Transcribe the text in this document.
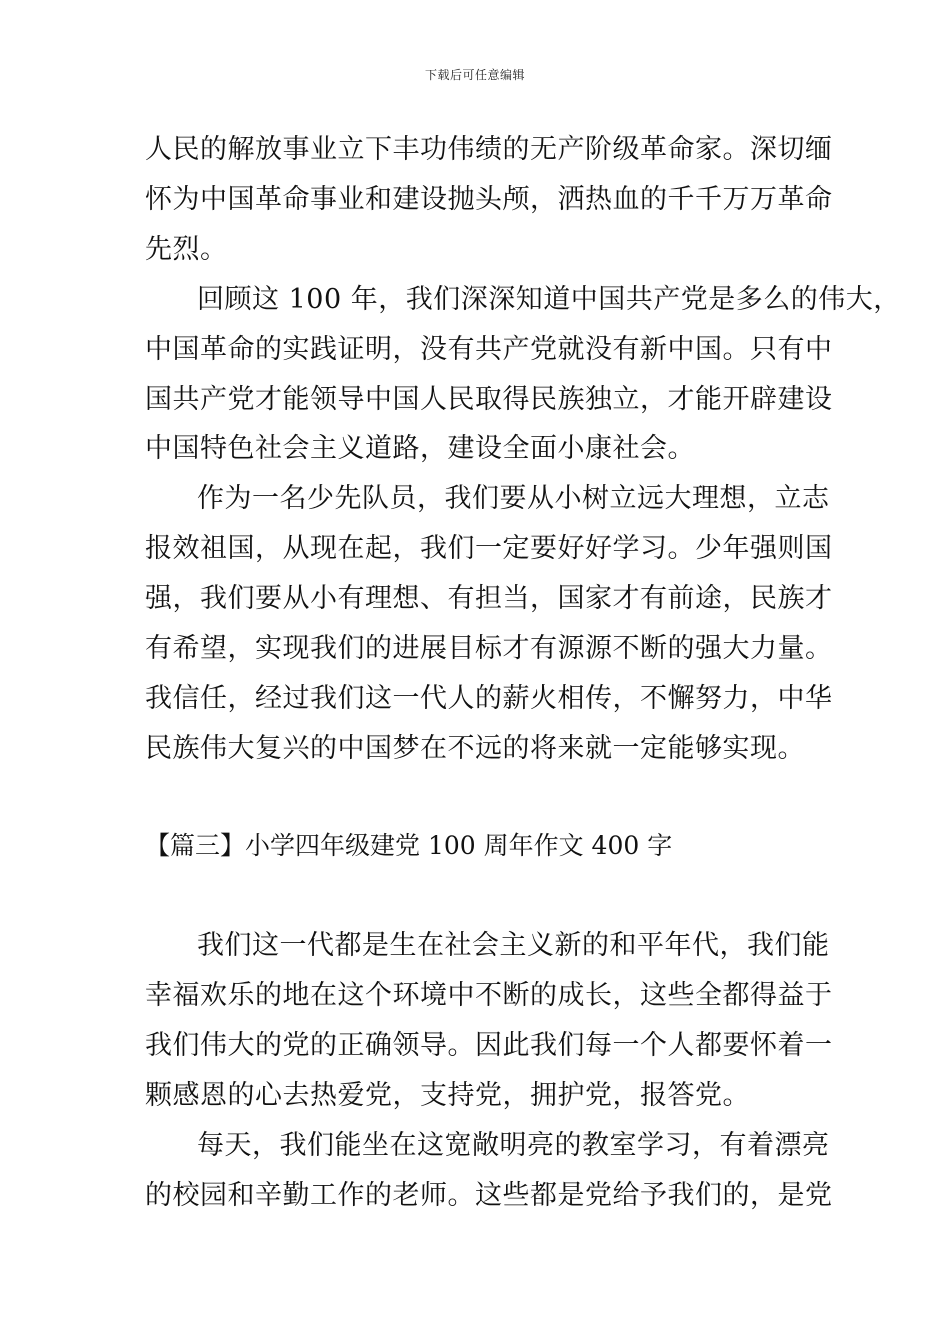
下载后可任意编辑
人民的解放事业立下丰功伟绩的无产阶级革命家。深切缅
怀为中国革命事业和建设抛头颅，洒热血的千千万万革命
先烈。
回顾这 100 年，我们深深知道中国共产党是多么的伟大，
中国革命的实践证明，没有共产党就没有新中国。只有中
国共产党才能领导中国人民取得民族独立，才能开辟建设
中国特色社会主义道路，建设全面小康社会。
作为一名少先队员，我们要从小树立远大理想，立志
报效祖国，从现在起，我们一定要好好学习。少年强则国
强，我们要从小有理想、有担当，国家才有前途，民族才
有希望，实现我们的进展目标才有源源不断的强大力量。
我信任，经过我们这一代人的薪火相传，不懈努力，中华
民族伟大复兴的中国梦在不远的将来就一定能够实现。
【篇三】小学四年级建党 100 周年作文 400 字
我们这一代都是生在社会主义新的和平年代，我们能
幸福欢乐的地在这个环境中不断的成长，这些全都得益于
我们伟大的党的正确领导。因此我们每一个人都要怀着一
颗感恩的心去热爱党，支持党，拥护党，报答党。
每天，我们能坐在这宽敞明亮的教室学习，有着漂亮
的校园和辛勤工作的老师。这些都是党给予我们的，是党
